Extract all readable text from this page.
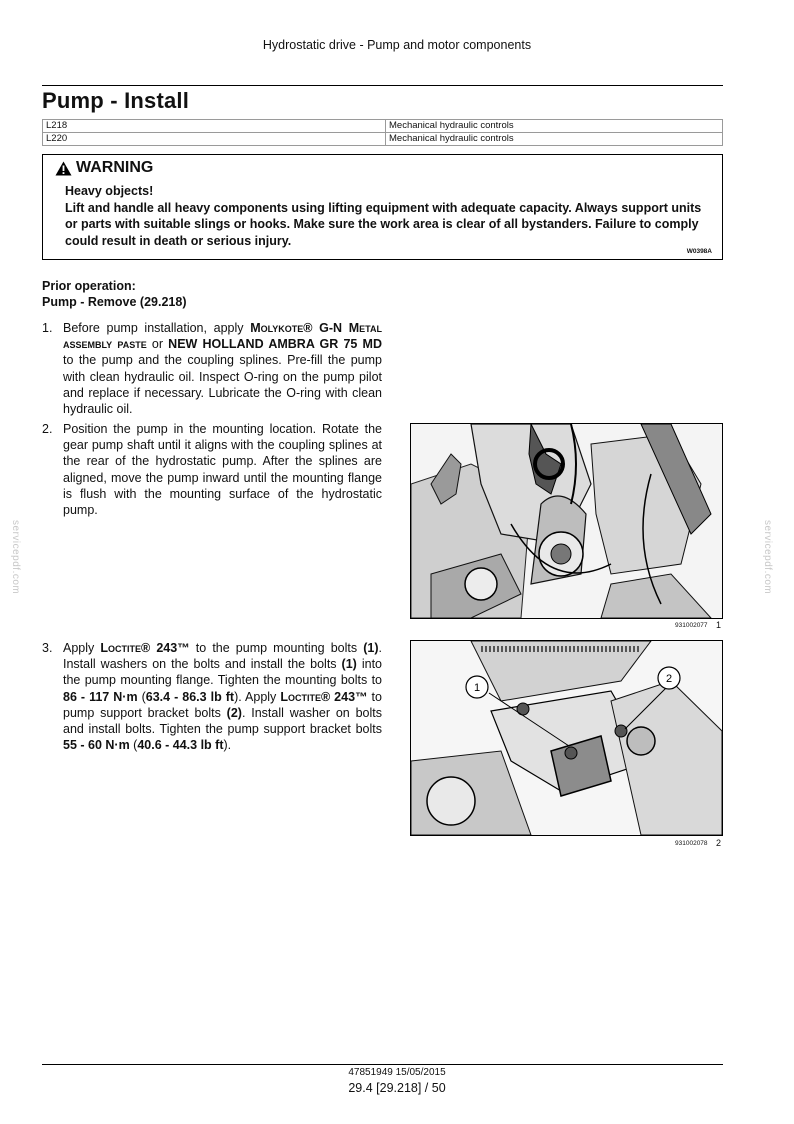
Hydrostatic drive - Pump and motor components
Pump - Install
L218	Mechanical hydraulic controls
L220	Mechanical hydraulic controls
WARNING
Heavy objects!
Lift and handle all heavy components using lifting equipment with adequate capacity. Always support units or parts with suitable slings or hooks. Make sure the work area is clear of all bystanders. Failure to comply could result in death or serious injury.
W0398A
Prior operation:
Pump - Remove (29.218)
1. Before pump installation, apply Molykote® G-N Metal assembly paste or NEW HOLLAND AMBRA GR 75 MD to the pump and the coupling splines. Pre-fill the pump with clean hydraulic oil. Inspect O-ring on the pump pilot and replace if necessary. Lubricate the O-ring with clean hydraulic oil.
2. Position the pump in the mounting location. Rotate the gear pump shaft until it aligns with the coupling splines at the rear of the hydrostatic pump. After the splines are aligned, move the pump inward until the mounting flange is flush with the mounting surface of the hydrostatic pump.
931002077 1
3. Apply Loctite® 243™ to the pump mounting bolts (1). Install washers on the bolts and install the bolts (1) into the pump mounting flange. Tighten the mounting bolts to 86 - 117 N·m (63.4 - 86.3 lb ft). Apply Loctite® 243™ to pump support bracket bolts (2). Install washer on bolts and install bolts. Tighten the pump support bracket bolts 55 - 60 N·m (40.6 - 44.3 lb ft).
1
2
931002078 2
servicepdf.com	servicepdf.com
47851949 15/05/2015
29.4 [29.218] / 50
